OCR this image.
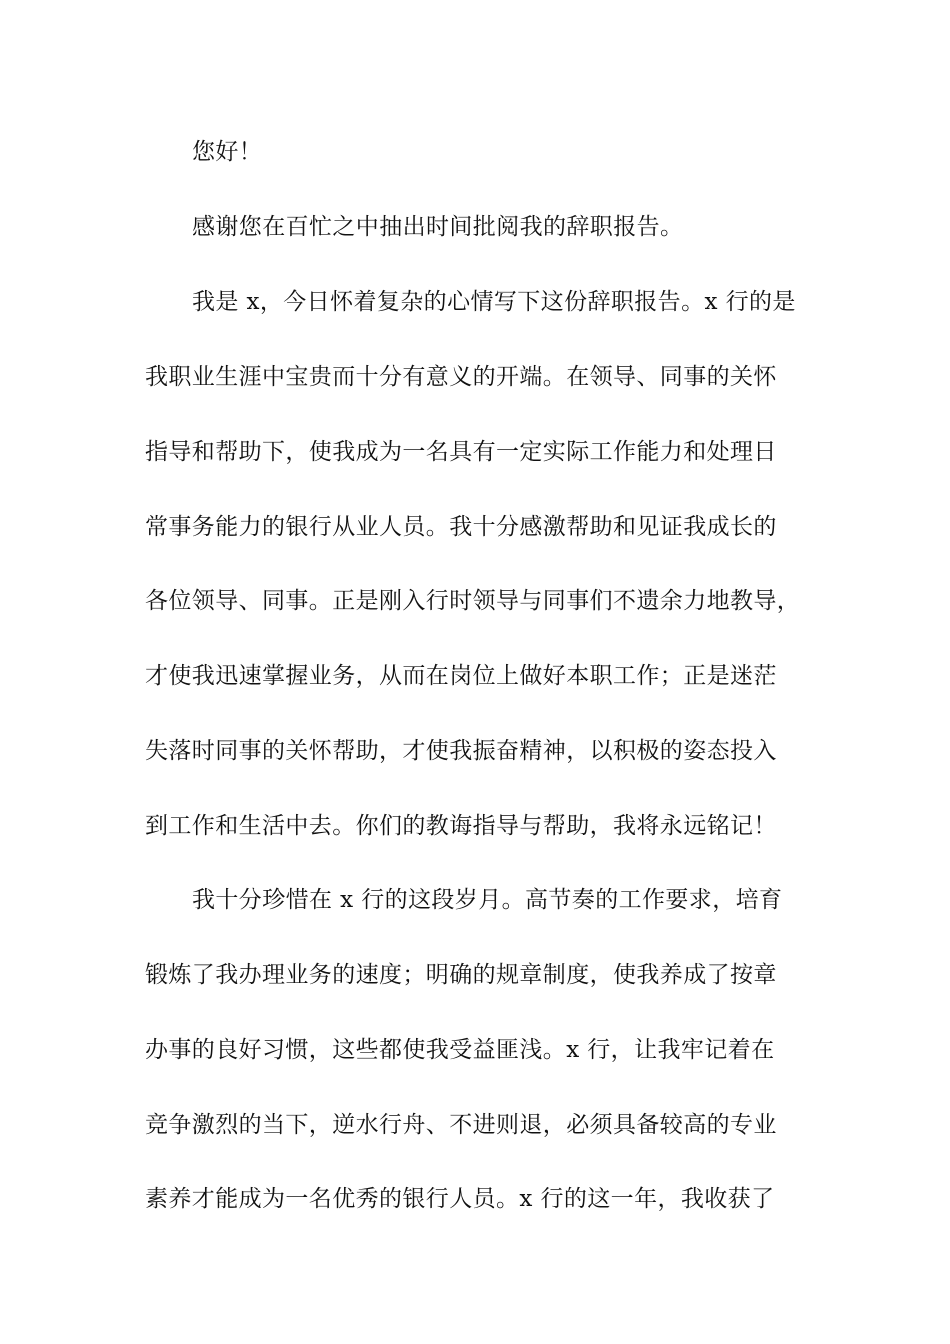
您好！
感谢您在百忙之中抽出时间批阅我的辞职报告。
我是 x，今日怀着复杂的心情写下这份辞职报告。x 行的是
我职业生涯中宝贵而十分有意义的开端。在领导、同事的关怀
指导和帮助下，使我成为一名具有一定实际工作能力和处理日
常事务能力的银行从业人员。我十分感激帮助和见证我成长的
各位领导、同事。正是刚入行时领导与同事们不遗余力地教导，
才使我迅速掌握业务，从而在岗位上做好本职工作；正是迷茫
失落时同事的关怀帮助，才使我振奋精神，以积极的姿态投入
到工作和生活中去。你们的教诲指导与帮助，我将永远铭记！
我十分珍惜在 x 行的这段岁月。高节奏的工作要求，培育
锻炼了我办理业务的速度；明确的规章制度，使我养成了按章
办事的良好习惯，这些都使我受益匪浅。x 行，让我牢记着在
竞争激烈的当下，逆水行舟、不进则退，必须具备较高的专业
素养才能成为一名优秀的银行人员。x 行的这一年，我收获了
